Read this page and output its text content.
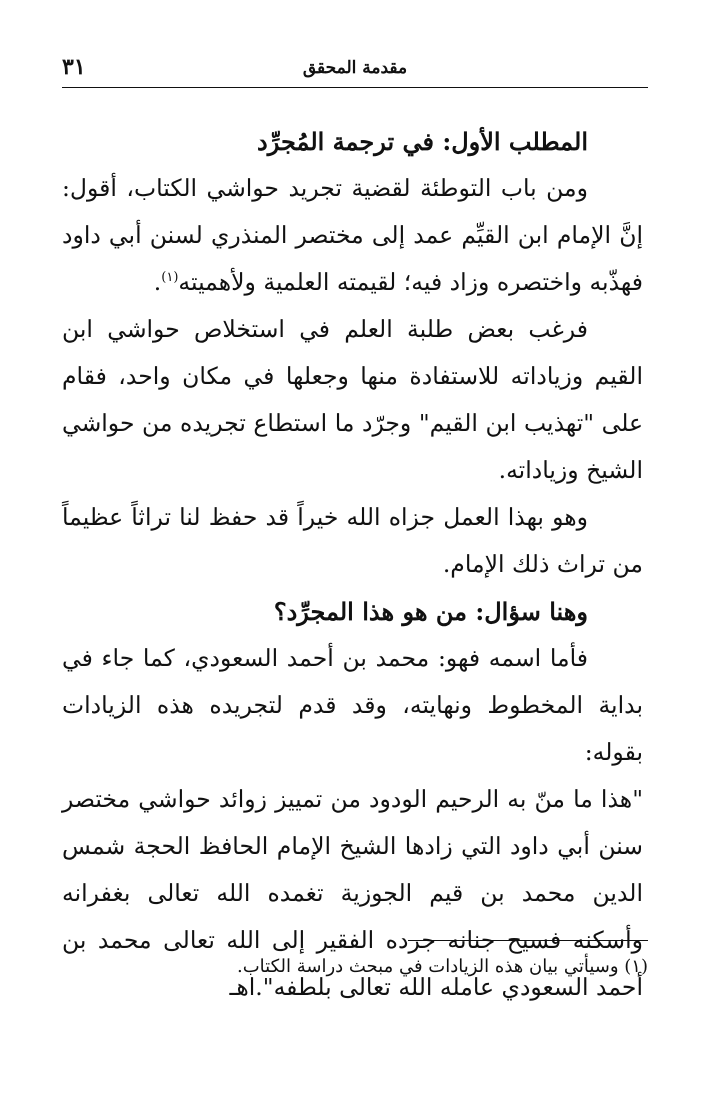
مقدمة المحقق
٣١

المطلب الأول: في ترجمة المُجرِّد

ومن باب التوطئة لقضية تجريد حواشي الكتاب، أقول: إنَّ الإمام ابن القيِّم عمد إلى مختصر المنذري لسنن أبي داود فهذّبه واختصره وزاد فيه؛ لقيمته العلمية ولأهميته$^{(١)}$.

فرغب بعض طلبة العلم في استخلاص حواشي ابن القيم وزياداته للاستفادة منها وجعلها في مكان واحد، فقام على "تهذيب ابن القيم" وجرّد ما استطاع تجريده من حواشي الشيخ وزياداته.

وهو بهذا العمل جزاه الله خيراً قد حفظ لنا تراثاً عظيماً من تراث ذلك الإمام.

وهنا سؤال: من هو هذا المجرِّد؟

فأما اسمه فهو: محمد بن أحمد السعودي، كما جاء في بداية المخطوط ونهايته، وقد قدم لتجريده هذه الزيادات بقوله:

"هذا ما منّ به الرحيم الودود من تمييز زوائد حواشي مختصر سنن أبي داود التي زادها الشيخ الإمام الحافظ الحجة شمس الدين محمد بن قيم الجوزية تغمده الله تعالى بغفرانه وأسكنه فسيح جنانه جرده الفقير إلى الله تعالى محمد بن أحمد السعودي عامله الله تعالى بلطفه".اهـ

(١) وسيأتي بيان هذه الزيادات في مبحث دراسة الكتاب.
